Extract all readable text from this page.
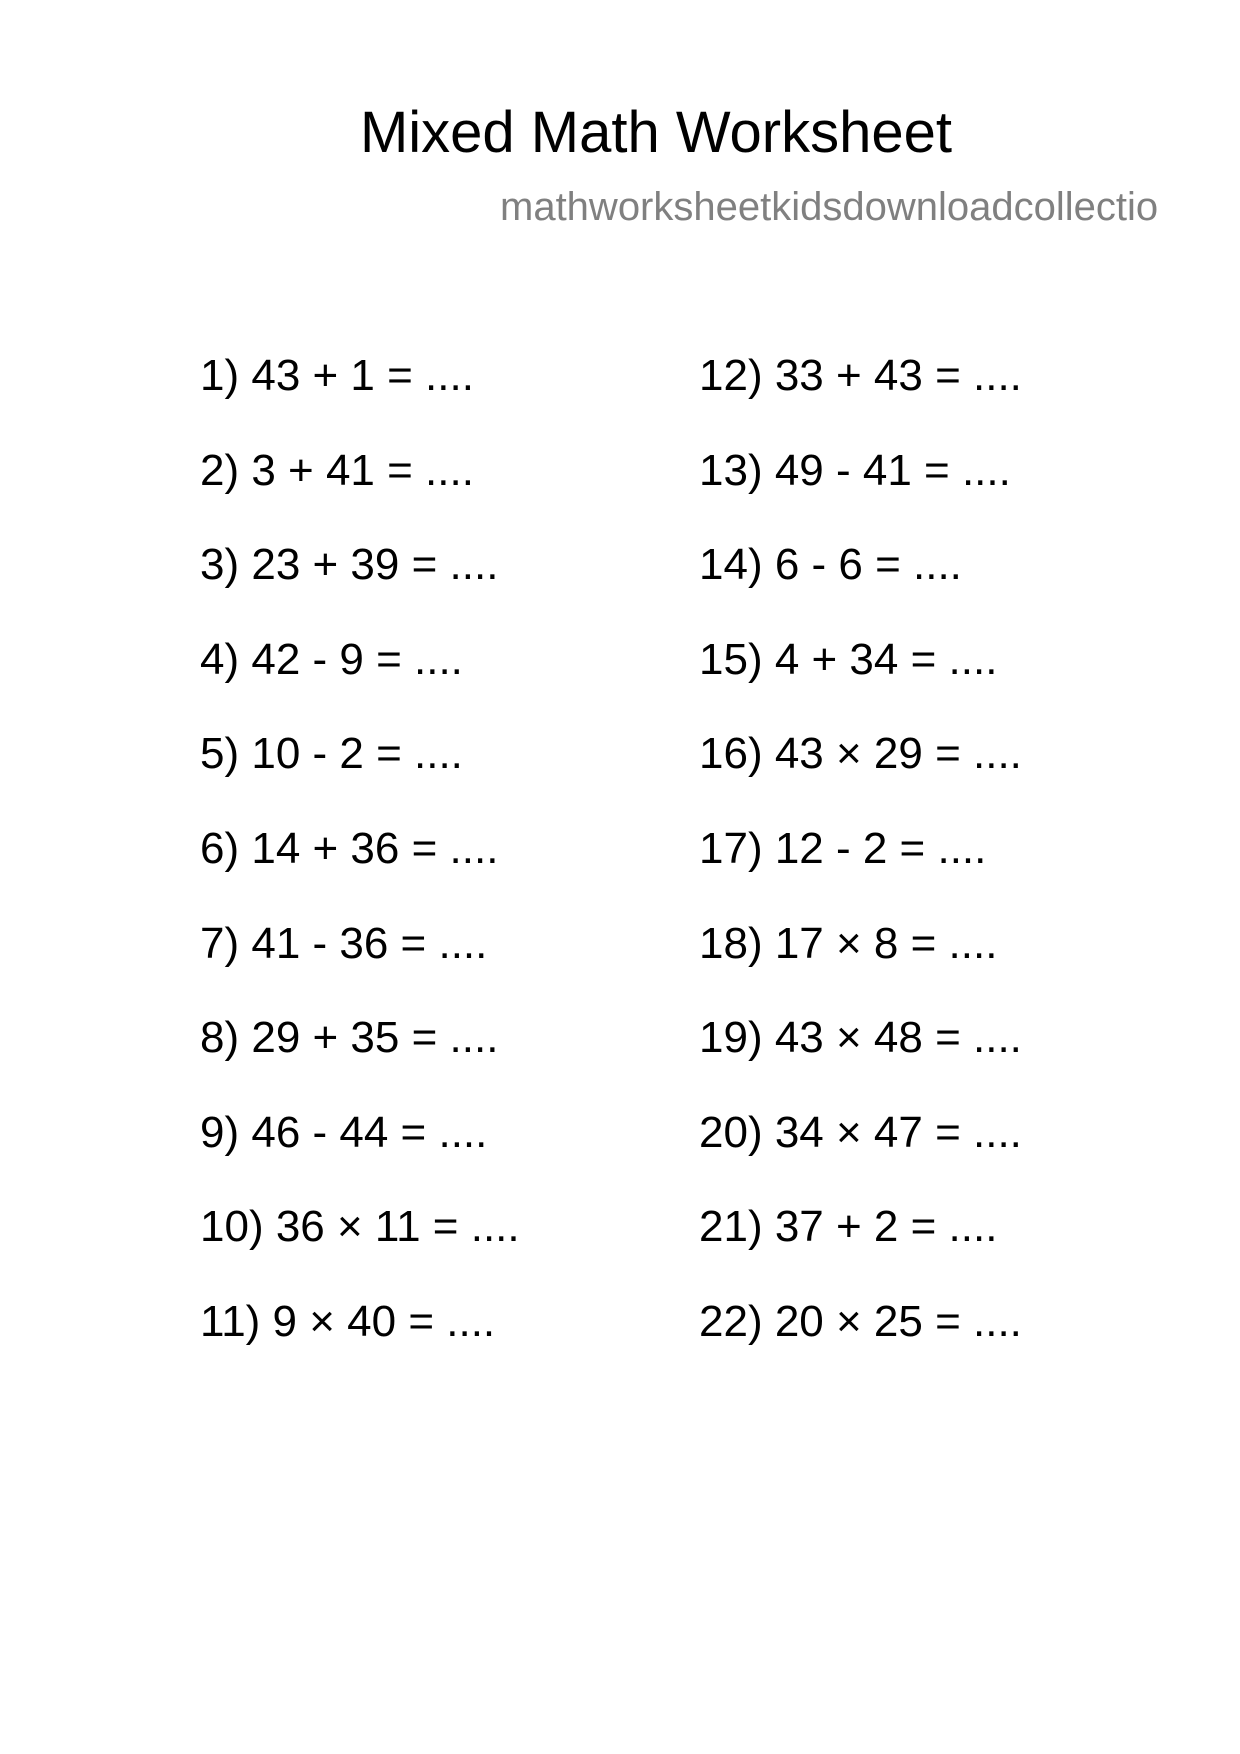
Mixed Math Worksheet
mathworksheetkidsdownloadcollectio
1) 43 + 1 = ....
2) 3 + 41 = ....
3) 23 + 39 = ....
4) 42 - 9 = ....
5) 10 - 2 = ....
6) 14 + 36 = ....
7) 41 - 36 = ....
8) 29 + 35 = ....
9) 46 - 44 = ....
10) 36 × 11 = ....
11) 9 × 40 = ....
12) 33 + 43 = ....
13) 49 - 41 = ....
14) 6 - 6 = ....
15) 4 + 34 = ....
16) 43 × 29 = ....
17) 12 - 2 = ....
18) 17 × 8 = ....
19) 43 × 48 = ....
20) 34 × 47 = ....
21) 37 + 2 = ....
22) 20 × 25 = ....
